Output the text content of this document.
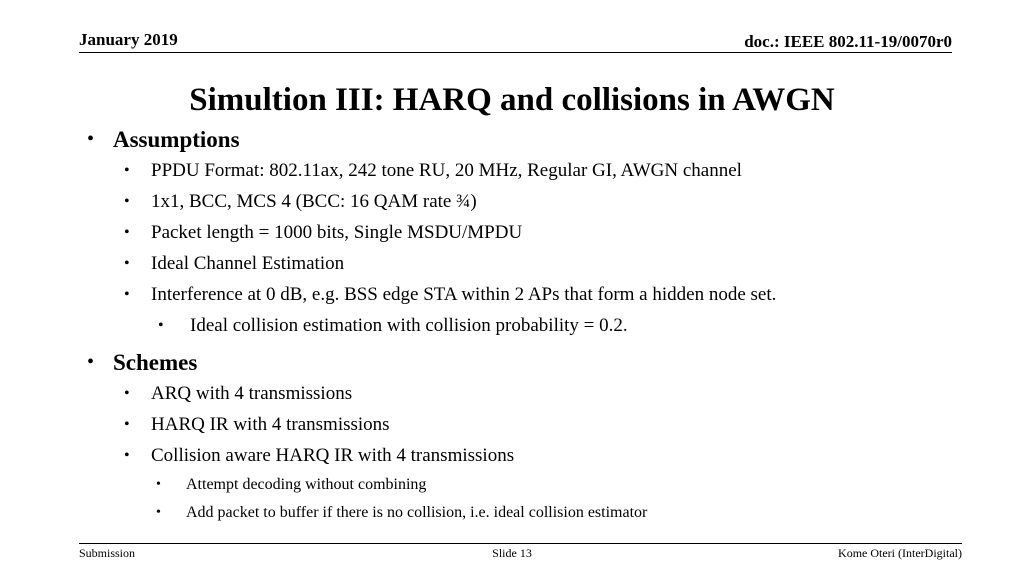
January 2019	doc.: IEEE 802.11-19/0070r0
Simultion III: HARQ and collisions in AWGN
• Assumptions
• PPDU Format: 802.11ax, 242 tone RU, 20 MHz, Regular GI, AWGN channel
• 1x1, BCC, MCS 4 (BCC: 16 QAM rate ¾)
• Packet length = 1000 bits, Single MSDU/MPDU
• Ideal Channel Estimation
• Interference at 0 dB, e.g. BSS edge STA within 2 APs that form a hidden node set.
• Ideal collision estimation with collision probability = 0.2.
• Schemes
• ARQ with 4 transmissions
• HARQ IR with 4 transmissions
• Collision aware HARQ IR with 4 transmissions
• Attempt decoding without combining
• Add packet to buffer if there is no collision, i.e. ideal collision estimator
Submission	Slide 13	Kome Oteri (InterDigital)
